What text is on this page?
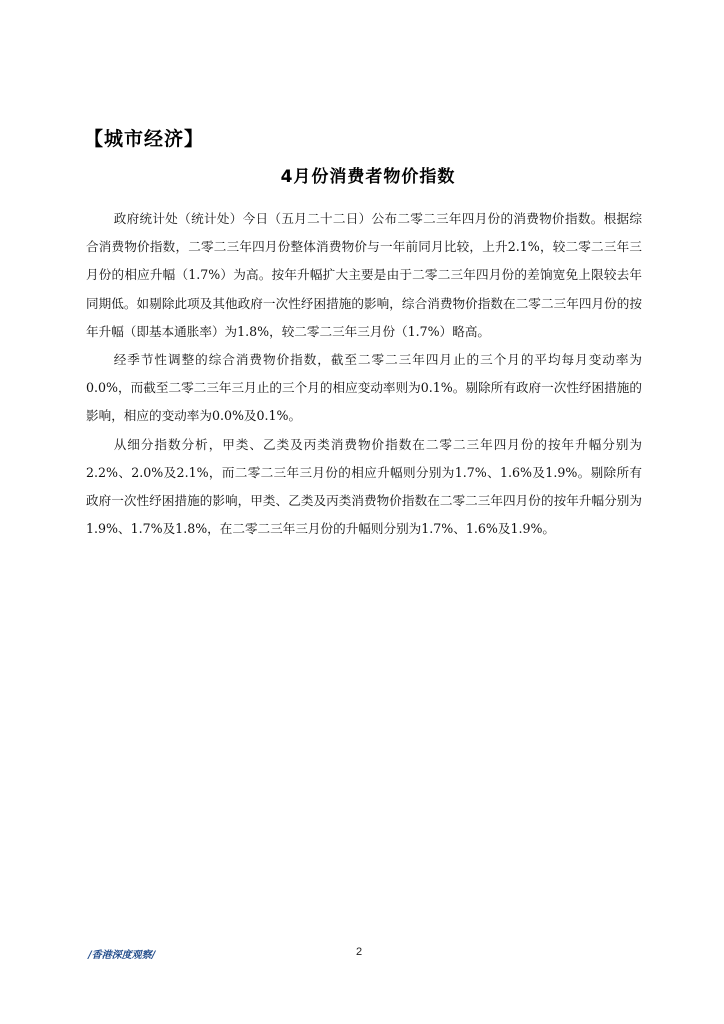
【城市经济】
4月份消费者物价指数

政府统计处（统计处）今日（五月二十二日）公布二零二三年四月份的消费物价指数。根据综合消费物价指数，二零二三年四月份整体消费物价与一年前同月比较，上升2.1%，较二零二三年三月份的相应升幅（1.7%）为高。按年升幅扩大主要是由于二零二三年四月份的差饷宽免上限较去年同期低。如剔除此项及其他政府一次性纾困措施的影响，综合消费物价指数在二零二三年四月份的按年升幅（即基本通胀率）为1.8%，较二零二三年三月份（1.7%）略高。

经季节性调整的综合消费物价指数，截至二零二三年四月止的三个月的平均每月变动率为0.0%，而截至二零二三年三月止的三个月的相应变动率则为0.1%。剔除所有政府一次性纾困措施的影响，相应的变动率为0.0%及0.1%。

从细分指数分析，甲类、乙类及丙类消费物价指数在二零二三年四月份的按年升幅分别为2.2%、2.0%及2.1%，而二零二三年三月份的相应升幅则分别为1.7%、1.6%及1.9%。剔除所有政府一次性纾困措施的影响，甲类、乙类及丙类消费物价指数在二零二三年四月份的按年升幅分别为1.9%、1.7%及1.8%，在二零二三年三月份的升幅则分别为1.7%、1.6%及1.9%。

/香港深度观察/	2
